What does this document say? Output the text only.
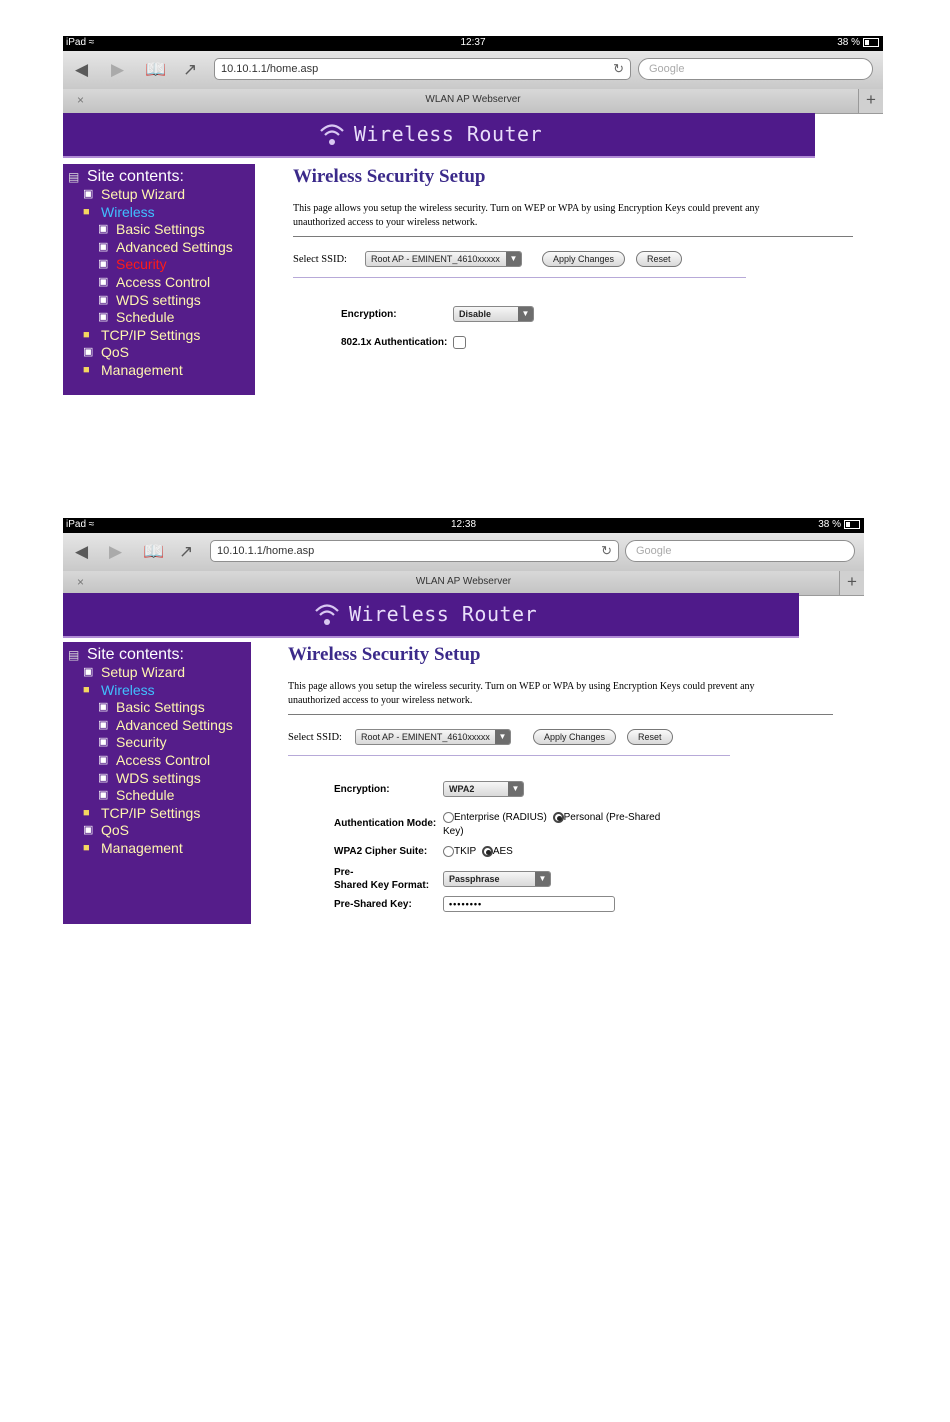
iPad ≈	12:37	38 %
◀ ▶ 📖 ↗	10.10.1.1/home.asp	↻	Google
×	WLAN AP Webserver	+
Wireless Router
▤ Site contents:
▣ Setup Wizard
■ Wireless
▣ Basic Settings
▣ Advanced Settings
▣ Security
▣ Access Control
▣ WDS settings
▣ Schedule
■ TCP/IP Settings
▣ QoS
■ Management
Wireless Security Setup
This page allows you setup the wireless security. Turn on WEP or WPA by using Encryption Keys could prevent any unauthorized access to your wireless network.
Select SSID:	Root AP - EMINENT_4610xxxxx	▼	Apply Changes	Reset
Encryption:	Disable	▼
802.1x Authentication:
iPad ≈	12:38	38 %
◀ ▶ 📖 ↗	10.10.1.1/home.asp	↻	Google
×	WLAN AP Webserver	+
Wireless Router
▤ Site contents:
▣ Setup Wizard
■ Wireless
▣ Basic Settings
▣ Advanced Settings
▣ Security
▣ Access Control
▣ WDS settings
▣ Schedule
■ TCP/IP Settings
▣ QoS
■ Management
Wireless Security Setup
This page allows you setup the wireless security. Turn on WEP or WPA by using Encryption Keys could prevent any unauthorized access to your wireless network.
Select SSID:	Root AP - EMINENT_4610xxxxx	▼	Apply Changes	Reset
Encryption:	WPA2	▼
Authentication Mode:
Enterprise (RADIUS) Personal (Pre-Shared
Key)
WPA2 Cipher Suite:	TKIP AES
Pre-
Shared Key Format:
Passphrase	▼
Pre-Shared Key:	••••••••
